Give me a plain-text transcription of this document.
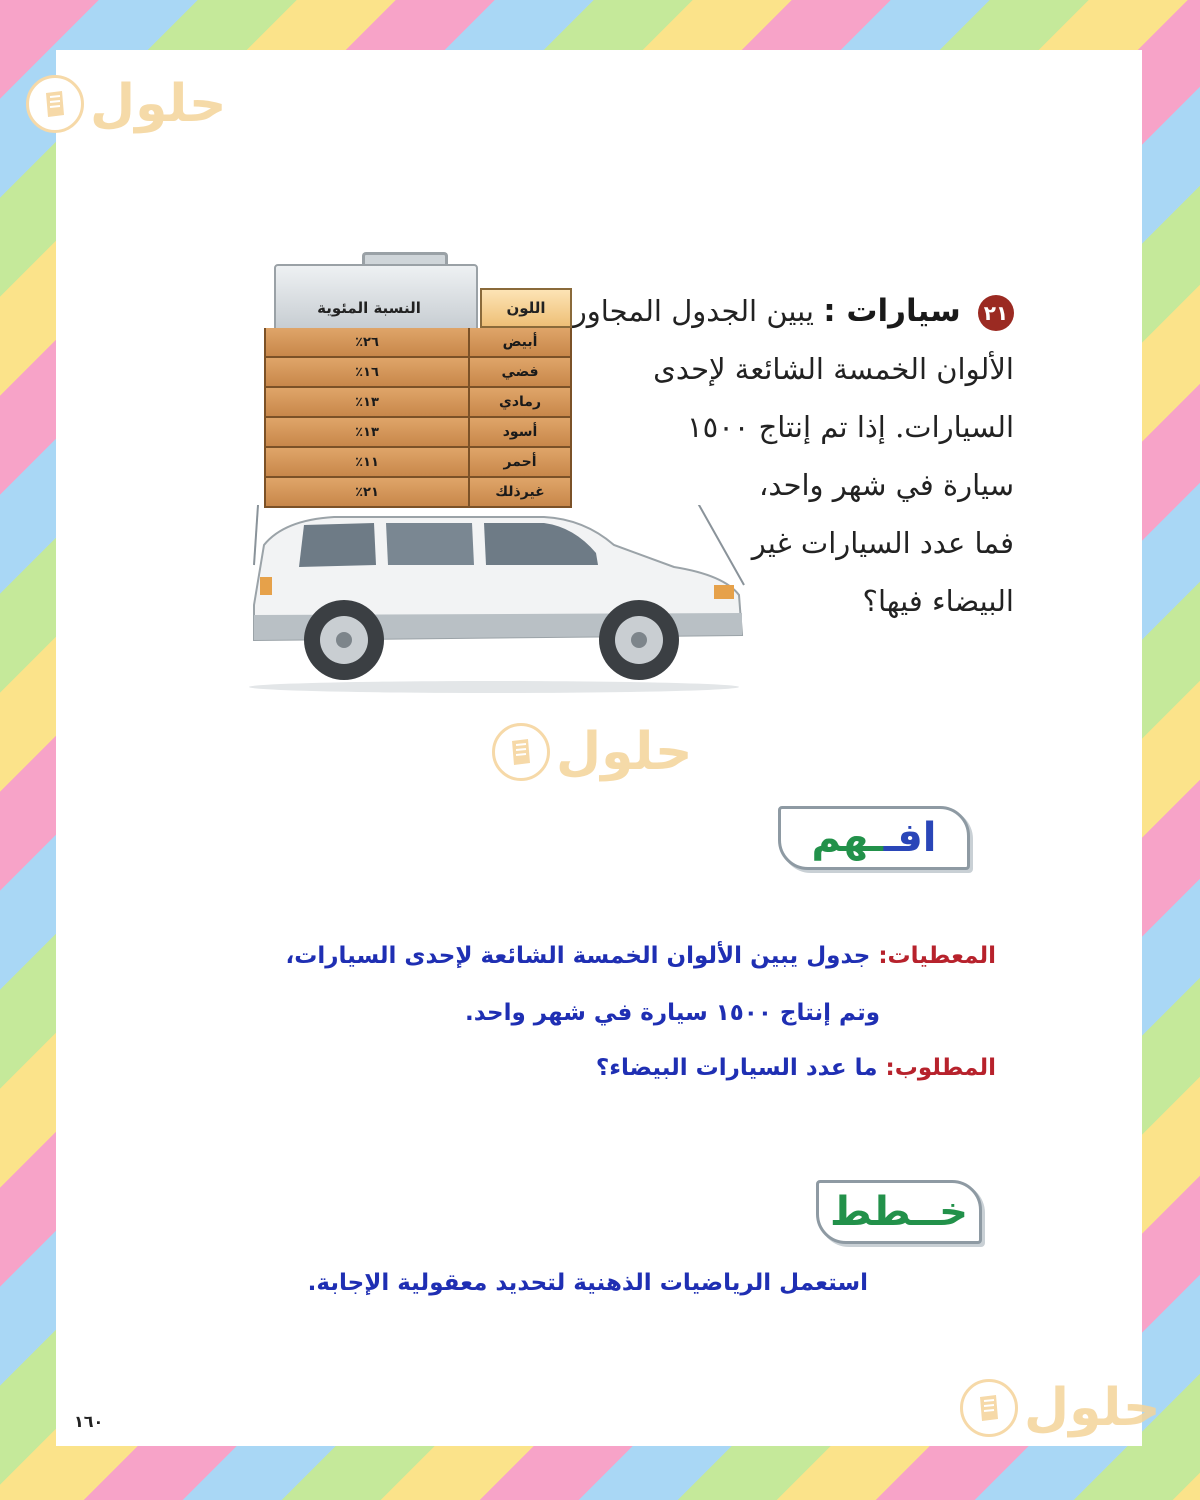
حلول
حلول
حلول
٢١ سيارات : يبين الجدول المجاور
الألوان الخمسة الشائعة لإحدى
السيارات. إذا تم إنتاج ١٥٠٠
سيارة في شهر واحد،
فما عدد السيارات غير
البيضاء فيها؟
اللون
النسبة المئوية
أبيض
٢٦٪
فضي
١٦٪
رمادي
١٣٪
أسود
١٣٪
أحمر
١١٪
غيرذلك
٢١٪
افـ
ـهم
المعطيات: جدول يبين الألوان الخمسة الشائعة لإحدى السيارات،
وتم إنتاج ١٥٠٠ سيارة في شهر واحد.
المطلوب: ما عدد السيارات البيضاء؟
خـ
ـطط
استعمل الرياضيات الذهنية لتحديد معقولية الإجابة.
١٦٠
